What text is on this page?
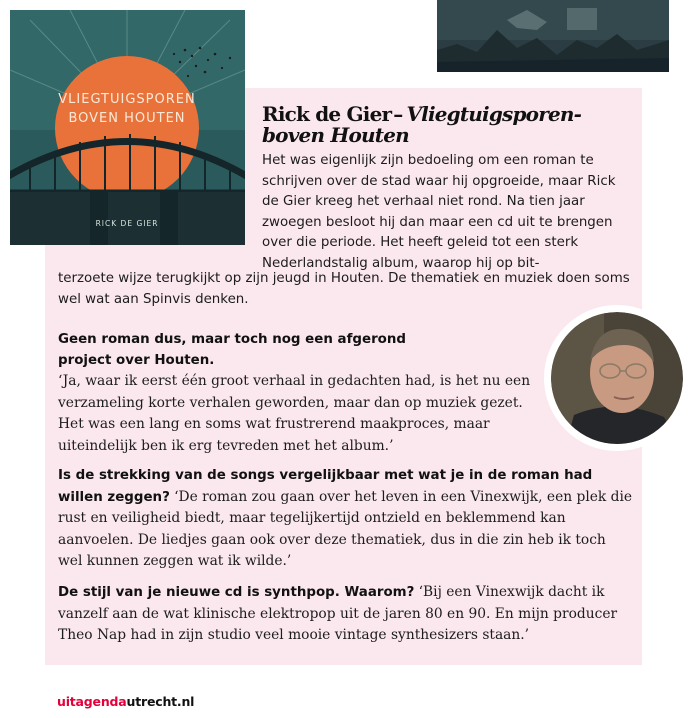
VLIEGTUIGSPOREN
BOVEN HOUTEN
RICK DE GIER
Rick de Gier – Vliegtuigsporen-boven Houten
Het was eigenlijk zijn bedoeling om een roman te schrijven over de stad waar hij opgroeide, maar Rick de Gier kreeg het verhaal niet rond. Na tien jaar zwoegen besloot hij dan maar een cd uit te brengen over die periode. Het heeft geleid tot een sterk Nederlandstalig album, waarop hij op bit-
terzoete wijze terugkijkt op zijn jeugd in Houten. De thematiek en muziek doen soms wel wat aan Spinvis denken.
Geen roman dus, maar toch nog een afgerond project over Houten.
‘Ja, waar ik eerst één groot verhaal in gedachten had, is het nu een verzameling korte verhalen geworden, maar dan op muziek gezet. Het was een lang en soms wat frustrerend maakproces, maar uiteindelijk ben ik erg tevreden met het album.’
Is de strekking van de songs vergelijkbaar met wat je in de roman had willen zeggen? ‘De roman zou gaan over het leven in een Vinexwijk, een plek die rust en veiligheid biedt, maar tegelijkertijd ontzield en beklemmend kan aanvoelen. De liedjes gaan ook over deze thematiek, dus in die zin heb ik toch wel kunnen zeggen wat ik wilde.’
De stijl van je nieuwe cd is synthpop. Waarom? ‘Bij een Vinexwijk dacht ik vanzelf aan de wat klinische elektropop uit de jaren 80 en 90. En mijn producer Theo Nap had in zijn studio veel mooie vintage synthesizers staan.’
uitagendautrecht.nl
